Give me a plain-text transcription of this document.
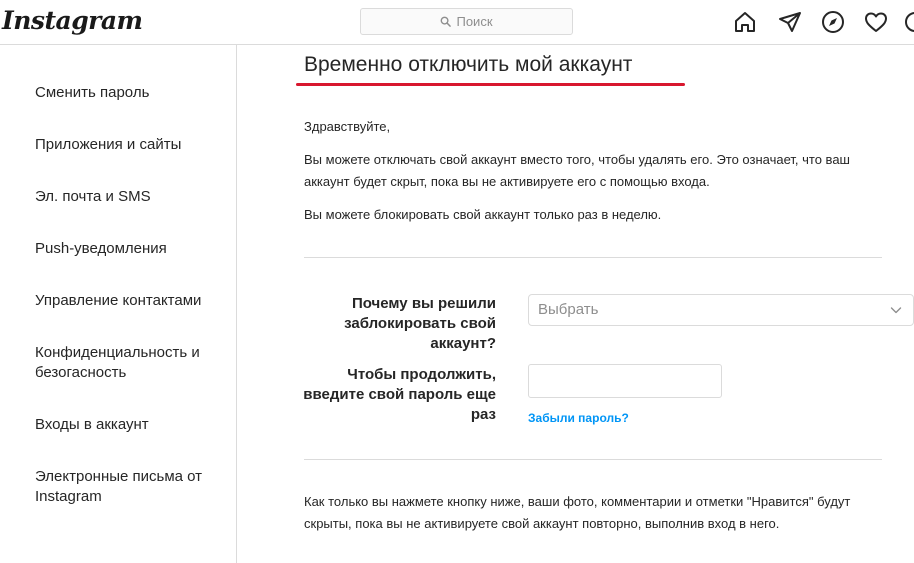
Instagram	Поиск
Сменить пароль
Приложения и сайты
Эл. почта и SMS
Push-уведомления
Управление контактами
Конфиденциальность и безогасность
Входы в аккаунт
Электронные письма от Instagram
Временно отключить мой аккаунт
Здравствуйте,
Вы можете отключать свой аккаунт вместо того, чтобы удалять его. Это означает, что ваш аккаунт будет скрыт, пока вы не активируете его с помощью входа.
Вы можете блокировать свой аккаунт только раз в неделю.
Почему вы решили заблокировать свой аккаунт?
Выбрать
Чтобы продолжить, введите свой пароль еще раз	Забыли пароль?
Как только вы нажмете кнопку ниже, ваши фото, комментарии и отметки "Нравится" будут скрыты, пока вы не активируете свой аккаунт повторно, выполнив вход в него.
